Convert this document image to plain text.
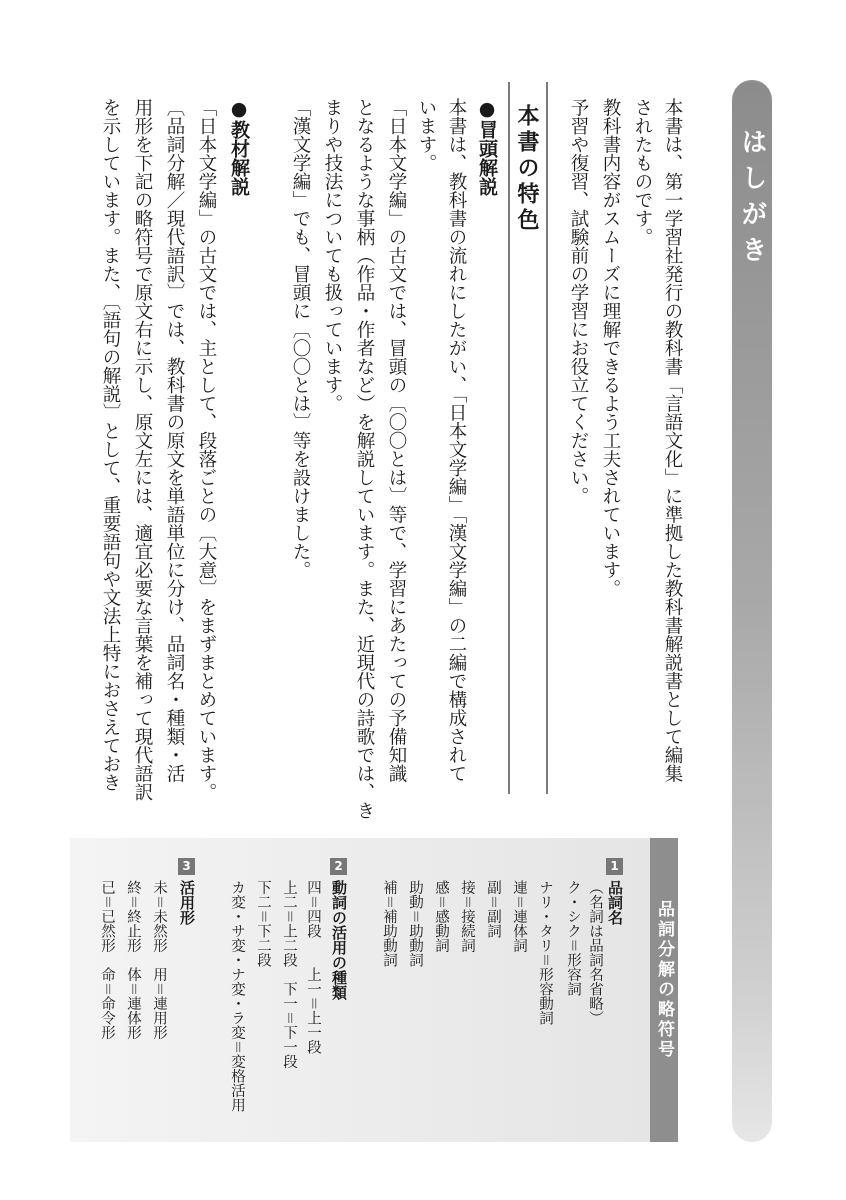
はしがき
本書は、第一学習社発行の教科書「言語文化」に準拠した教科書解説書として編集
されたものです。
教科書内容がスムーズに理解できるよう工夫されています。
予習や復習、試験前の学習にお役立てください。
本書の特色
●冒頭解説
本書は、教科書の流れにしたがい、「日本文学編」「漢文学編」の二編で構成されて
います。
「日本文学編」の古文では、冒頭の〔〇〇とは〕等で、学習にあたっての予備知識
となるような事柄（作品・作者など）を解説しています。また、近現代の詩歌では、き
まりや技法についても扱っています。
「漢文学編」でも、冒頭に〔〇〇とは〕等を設けました。
●教材解説
「日本文学編」の古文では、主として、段落ごとの〔大意〕をまずまとめています。
〔品詞分解／現代語訳〕では、教科書の原文を単語単位に分け、品詞名・種類・活
用形を下記の略符号で原文右に示し、原文左には、適宜必要な言葉を補って現代語訳
を示しています。また、〔語句の解説〕として、重要語句や文法上特におさえておき
品詞分解の略符号
1
品詞名
（名詞は品詞名省略）
ク・シク＝形容詞
ナリ・タリ＝形容動詞
連＝連体詞
副＝副詞
接＝接続詞
感＝感動詞
助動＝助動詞
補＝補助動詞
2
動詞の活用の種類
四＝四段　　上一＝上一段
上二＝上二段　下一＝下一段
下二＝下二段
カ変・サ変・ナ変・ラ変＝変格活用
3
活用形
未＝未然形　用＝連用形
終＝終止形　体＝連体形
已＝已然形　命＝命令形
